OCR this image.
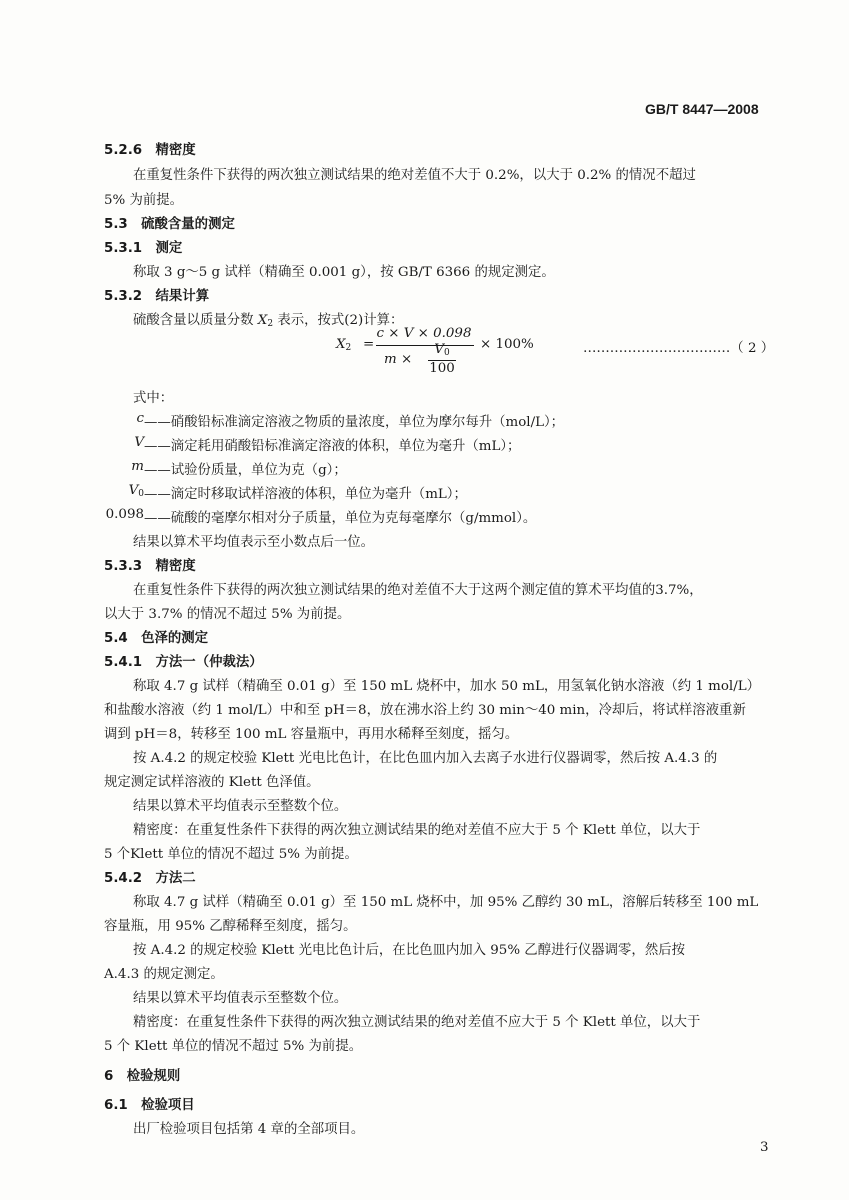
GB/T 8447—2008
5.2.6　精密度
在重复性条件下获得的两次独立测试结果的绝对差值不大于 0.2%，以大于 0.2% 的情况不超过
5% 为前提。
5.3　硫酸含量的测定
5.3.1　测定
称取 3 g～5 g 试样（精确至 0.001 g），按 GB/T 6366 的规定测定。
5.3.2　结果计算
硫酸含量以质量分数 $X_2$ 表示，按式(2)计算：
$X_2$ =
c × V × 0.098
m ×
$V_0$
100
× 100%	……………………………（ 2 ）
式中：
c ——硝酸铅标准滴定溶液之物质的量浓度，单位为摩尔每升（mol/L）；
V ——滴定耗用硝酸铅标准滴定溶液的体积，单位为毫升（mL）；
m ——试验份质量，单位为克（g）；
$V_0$ ——滴定时移取试样溶液的体积，单位为毫升（mL）；
0.098 ——硫酸的毫摩尔相对分子质量，单位为克每毫摩尔（g/mmol）。
结果以算术平均值表示至小数点后一位。
5.3.3　精密度
在重复性条件下获得的两次独立测试结果的绝对差值不大于这两个测定值的算术平均值的3.7%，
以大于 3.7% 的情况不超过 5% 为前提。
5.4　色泽的测定
5.4.1　方法一（仲裁法）
称取 4.7 g 试样（精确至 0.01 g）至 150 mL 烧杯中，加水 50 mL，用氢氧化钠水溶液（约 1 mol/L）
和盐酸水溶液（约 1 mol/L）中和至 pH＝8，放在沸水浴上约 30 min～40 min，冷却后，将试样溶液重新
调到 pH＝8，转移至 100 mL 容量瓶中，再用水稀释至刻度，摇匀。
按 A.4.2 的规定校验 Klett 光电比色计，在比色皿内加入去离子水进行仪器调零，然后按 A.4.3 的
规定测定试样溶液的 Klett 色泽值。
结果以算术平均值表示至整数个位。
精密度：在重复性条件下获得的两次独立测试结果的绝对差值不应大于 5 个 Klett 单位，以大于
5 个Klett 单位的情况不超过 5% 为前提。
5.4.2　方法二
称取 4.7 g 试样（精确至 0.01 g）至 150 mL 烧杯中，加 95% 乙醇约 30 mL，溶解后转移至 100 mL
容量瓶，用 95% 乙醇稀释至刻度，摇匀。
按 A.4.2 的规定校验 Klett 光电比色计后，在比色皿内加入 95% 乙醇进行仪器调零，然后按
A.4.3 的规定测定。
结果以算术平均值表示至整数个位。
精密度：在重复性条件下获得的两次独立测试结果的绝对差值不应大于 5 个 Klett 单位，以大于
5 个 Klett 单位的情况不超过 5% 为前提。
6　检验规则
6.1　检验项目
出厂检验项目包括第 4 章的全部项目。
3
